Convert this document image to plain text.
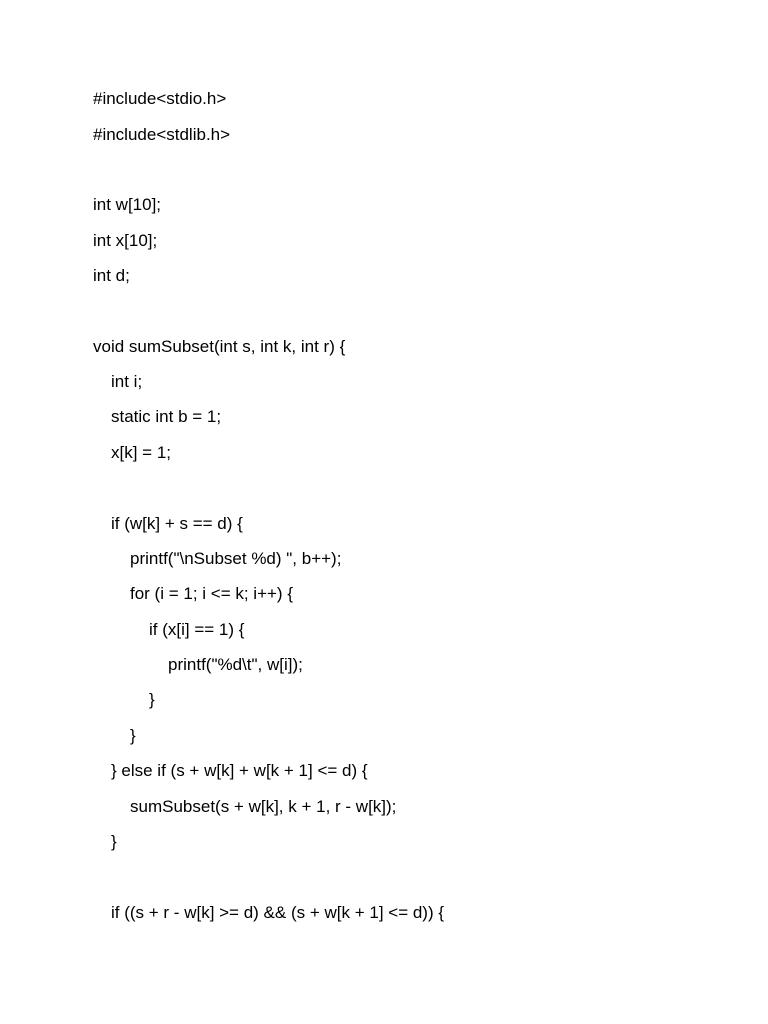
#include<stdio.h>
#include<stdlib.h>
int w[10];
int x[10];
int d;
void sumSubset(int s, int k, int r) {
int i;
static int b = 1;
x[k] = 1;
if (w[k] + s == d) {
printf("\nSubset %d) ", b++);
for (i = 1; i <= k; i++) {
if (x[i] == 1) {
printf("%d\t", w[i]);
}
}
} else if (s + w[k] + w[k + 1] <= d) {
sumSubset(s + w[k], k + 1, r - w[k]);
}
if ((s + r - w[k] >= d) && (s + w[k + 1] <= d)) {
